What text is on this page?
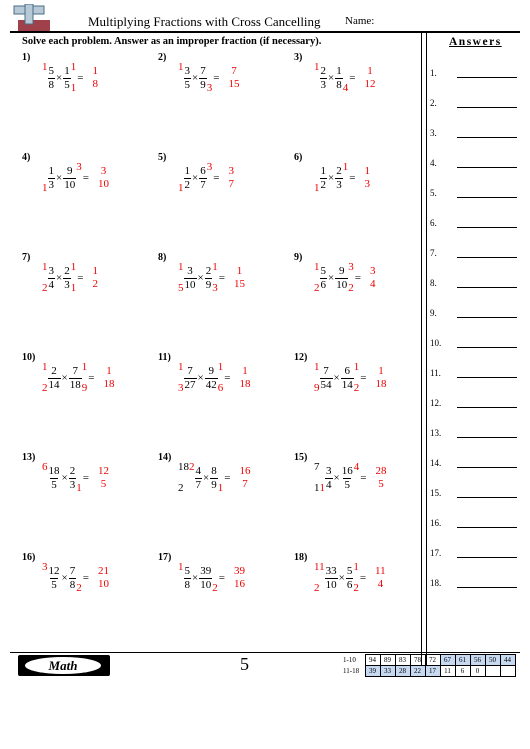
Multiplying Fractions with Cross Cancelling Name:
Solve each problem. Answer as an improper fraction (if necessary).	Answers
1.
2.
3.
4.
5.
6.
7.
8.
9.
10.
11.
12.
13.
14.
15.
16.
17.
18.
1)
1
$\frac{5}{8} \times \frac{1}{5} 1$
1
=
1
8
2)
1
$\frac{3}{5} \times \frac{7}{9}$
3
=
7
15
3)
1
$\frac{2}{3} \times \frac{1}{8}$
4
=
1
12
4)

$1 \frac{1}{3} \times \frac{9}{10} 3$

=
3
10
5)

$1 \frac{1}{2} \times \frac{6}{7} 3$

=
3
7
6)

$1 \frac{1}{2} \times \frac{2}{3} 1$

=
1
3
7)
1
$2 \frac{3}{4} \times \frac{2}{3} 1$
1
=
1
2
8)
1
$5 \frac{3}{10} \times \frac{2}{9} 1$
3
=
1
15
9)
1
$2 \frac{5}{6} \times \frac{9}{10} 3$
2
=
3
4
10)
1
$2 \frac{2}{14} \times \frac{7}{18} 1$
9
=
1
18
11)
1
$3 \frac{7}{27} \times \frac{9}{42} 1$
6
=
1
18
12)
1
$9 \frac{7}{54} \times \frac{6}{14} 1$
2
=
1
18
13)
6
$\frac{18}{5} \times \frac{2}{3}$
1
=
12
5
14)
18
2
2
$\frac{4}{7} \times \frac{8}{9}$
1
=
16
7
15)
7
1
$1 \frac{3}{4} \times \frac{16}{5} 4$

=
28
5
16)
3
$\frac{12}{5} \times \frac{7}{8}$
2
=
21
10
17)
1
$\frac{5}{8} \times \frac{39}{10}$
2
=
39
16
18)
11
$2 \frac{33}{10} \times \frac{5}{6} 1$
2
=
11
4
Math	5	1-10	94	89	83	78	72	67	61	56	50	44
11-18	39	33	28	22	17	11	6	0		
